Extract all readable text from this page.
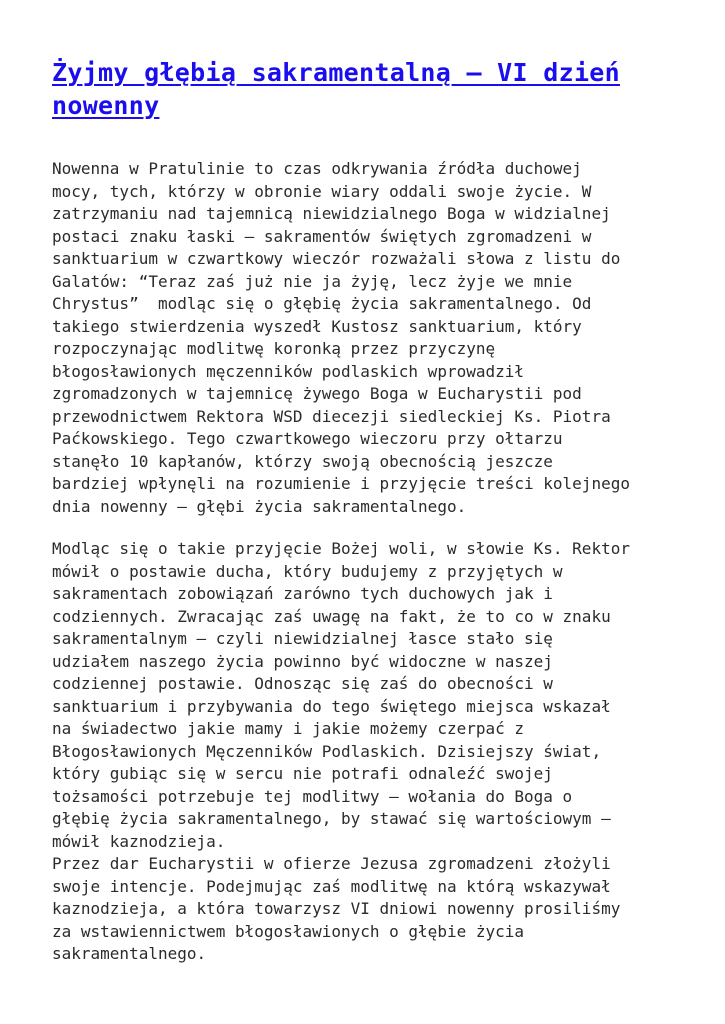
Żyjmy głębią sakramentalną – VI dzień
nowenny

Nowenna w Pratulinie to czas odkrywania źródła duchowej
mocy, tych, którzy w obronie wiary oddali swoje życie. W
zatrzymaniu nad tajemnicą niewidzialnego Boga w widzialnej
postaci znaku łaski – sakramentów świętych zgromadzeni w
sanktuarium w czwartkowy wieczór rozważali słowa z listu do
Galatów: “Teraz zaś już nie ja żyję, lecz żyje we mnie
Chrystus”  modląc się o głębię życia sakramentalnego. Od
takiego stwierdzenia wyszedł Kustosz sanktuarium, który
rozpoczynając modlitwę koronką przez przyczynę
błogosławionych męczenników podlaskich wprowadził
zgromadzonych w tajemnicę żywego Boga w Eucharystii pod
przewodnictwem Rektora WSD diecezji siedleckiej Ks. Piotra
Paćkowskiego. Tego czwartkowego wieczoru przy ołtarzu
stanęło 10 kapłanów, którzy swoją obecnością jeszcze
bardziej wpłynęli na rozumienie i przyjęcie treści kolejnego
dnia nowenny – głębi życia sakramentalnego.

Modląc się o takie przyjęcie Bożej woli, w słowie Ks. Rektor
mówił o postawie ducha, który budujemy z przyjętych w
sakramentach zobowiązań zarówno tych duchowych jak i
codziennych. Zwracając zaś uwagę na fakt, że to co w znaku
sakramentalnym – czyli niewidzialnej łasce stało się
udziałem naszego życia powinno być widoczne w naszej
codziennej postawie. Odnosząc się zaś do obecności w
sanktuarium i przybywania do tego świętego miejsca wskazał
na świadectwo jakie mamy i jakie możemy czerpać z
Błogosławionych Męczenników Podlaskich. Dzisiejszy świat,
który gubiąc się w sercu nie potrafi odnaleźć swojej
tożsamości potrzebuje tej modlitwy – wołania do Boga o
głębię życia sakramentalnego, by stawać się wartościowym –
mówił kaznodzieja.

Przez dar Eucharystii w ofierze Jezusa zgromadzeni złożyli
swoje intencje. Podejmując zaś modlitwę na którą wskazywał
kaznodzieja, a która towarzysz VI dniowi nowenny prosiliśmy
za wstawiennictwem błogosławionych o głębie życia
sakramentalnego.
